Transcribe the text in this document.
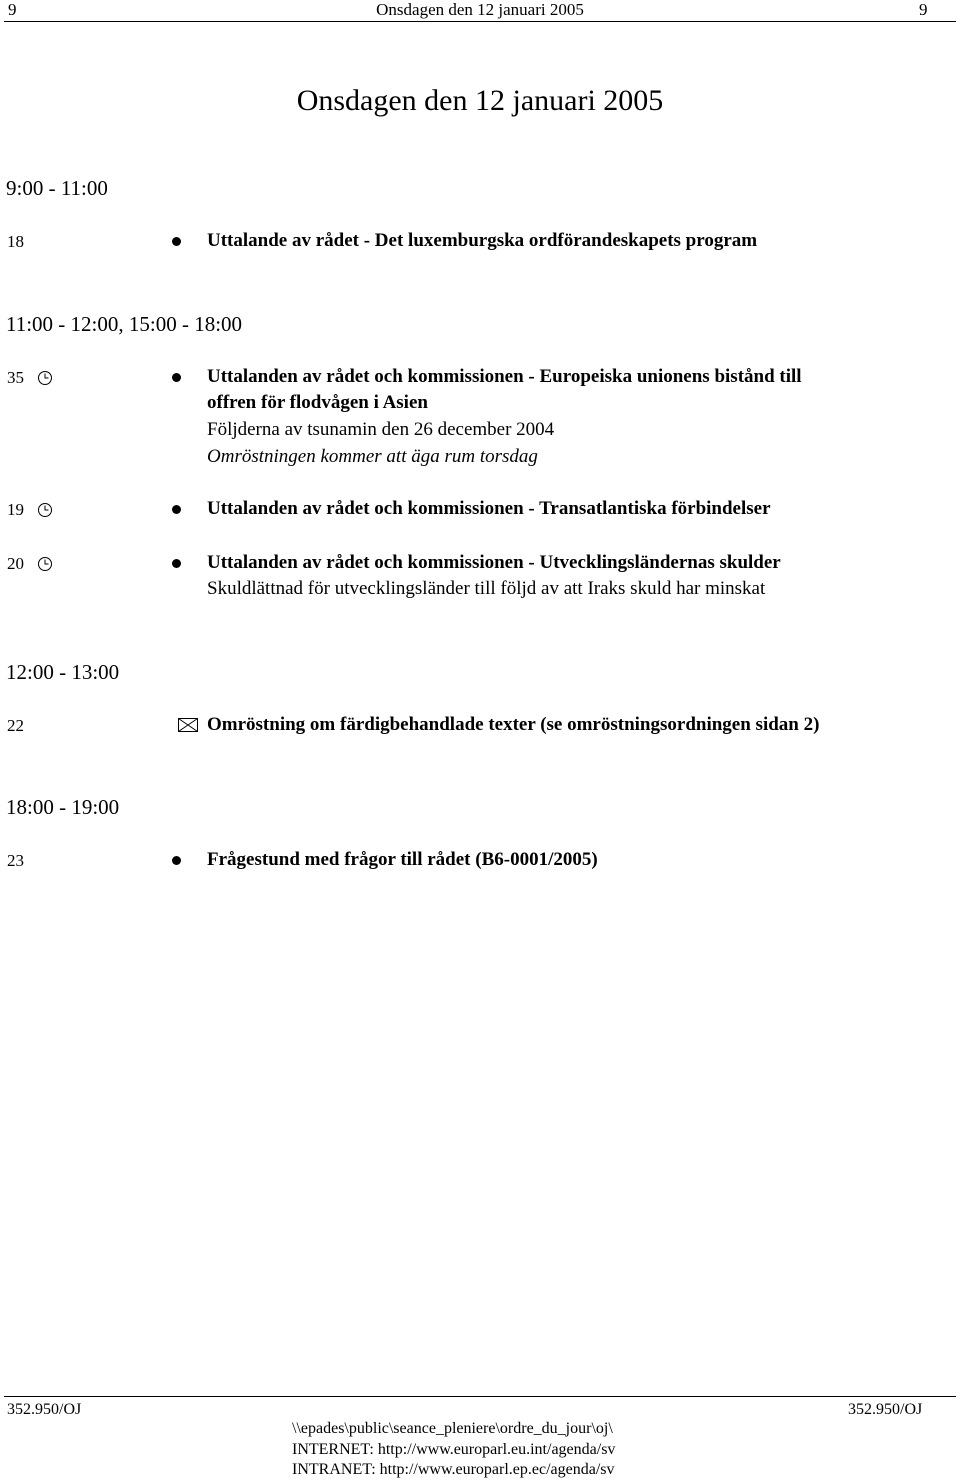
9	Onsdagen den 12 januari 2005	9
Onsdagen den 12 januari 2005
9:00 - 11:00
18	Uttalande av rådet - Det luxemburgska ordförandeskapets program
11:00 - 12:00, 15:00 - 18:00
35	Uttalanden av rådet och kommissionen - Europeiska unionens bistånd till
offren för flodvågen i Asien
Följderna av tsunamin den 26 december 2004
Omröstningen kommer att äga rum torsdag
19	Uttalanden av rådet och kommissionen - Transatlantiska förbindelser
20	Uttalanden av rådet och kommissionen - Utvecklingsländernas skulder
Skuldlättnad för utvecklingsländer till följd av att Iraks skuld har minskat
12:00 - 13:00
22	Omröstning om färdigbehandlade texter (se omröstningsordningen sidan 2)
18:00 - 19:00
23	Frågestund med frågor till rådet (B6-0001/2005)
352.950/OJ	352.950/OJ
\\epades\public\seance_pleniere\ordre_du_jour\oj\
INTERNET: http://www.europarl.eu.int/agenda/sv
INTRANET: http://www.europarl.ep.ec/agenda/sv
